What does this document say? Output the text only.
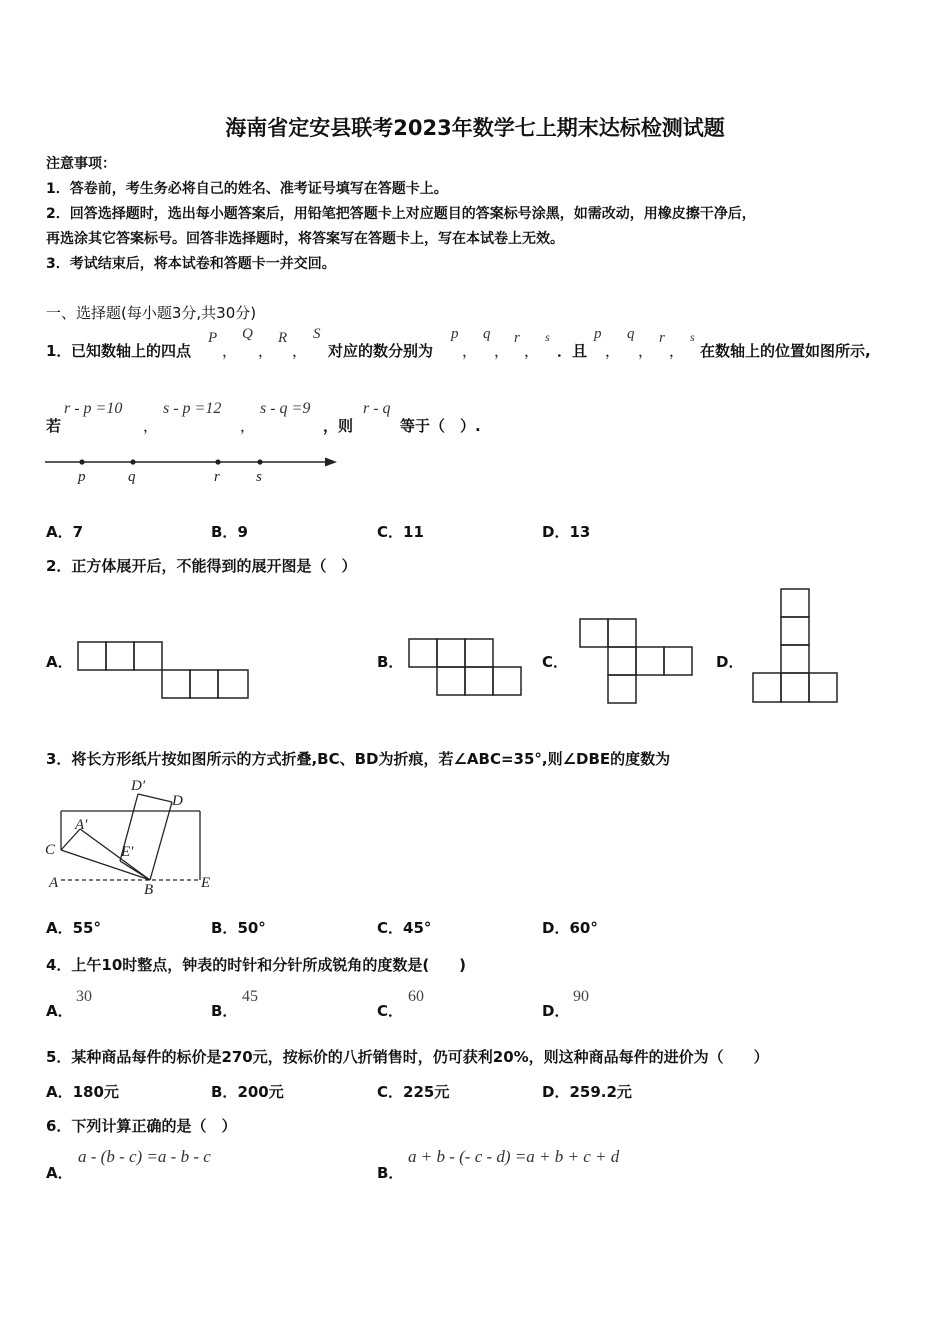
海南省定安县联考2023年数学七上期末达标检测试题
注意事项：
1．答卷前，考生务必将自己的姓名、准考证号填写在答题卡上。
2．回答选择题时，选出每小题答案后，用铅笔把答题卡上对应题目的答案标号涂黑，如需改动，用橡皮擦干净后，
再选涂其它答案标号。回答非选择题时，将答案写在答题卡上，写在本试卷上无效。
3．考试结束后，将本试卷和答题卡一并交回。
一、选择题(每小题3分,共30分)
1． 已知数轴上的四点
P
，
Q
，
R
，
S
对应的数分别为
p
，
q
，
r
，
s
．且
p
，
q
，
r
，
s
在数轴上的位置如图所示,
若
r - p =10
，
s - p =12
，
s - q =9
，则
r - q
等于（　）.
p	q	r s
A．7	B．9	C．11	D．13
2．正方体展开后，不能得到的展开图是（　）
A．	B．	C．	D．
3．将长方形纸片按如图所示的方式折叠,BC、BD为折痕，若∠ABC=35°,则∠DBE的度数为
D′
D
A′
C	E′
A	B	E
A．55°	B．50°	C．45°	D．60°
4．上午10时整点，钟表的时针和分针所成锐角的度数是(　　)
A．
30
B．
45
C．
60
D．
90
5．某种商品每件的标价是270元，按标价的八折销售时，仍可获利20%，则这种商品每件的进价为（　　）
A．180元	B．200元	C．225元	D．259.2元
6．下列计算正确的是（　）
A．
a - (b - c) =a - b - c
B．
a + b - (- c - d) =a + b + c + d
